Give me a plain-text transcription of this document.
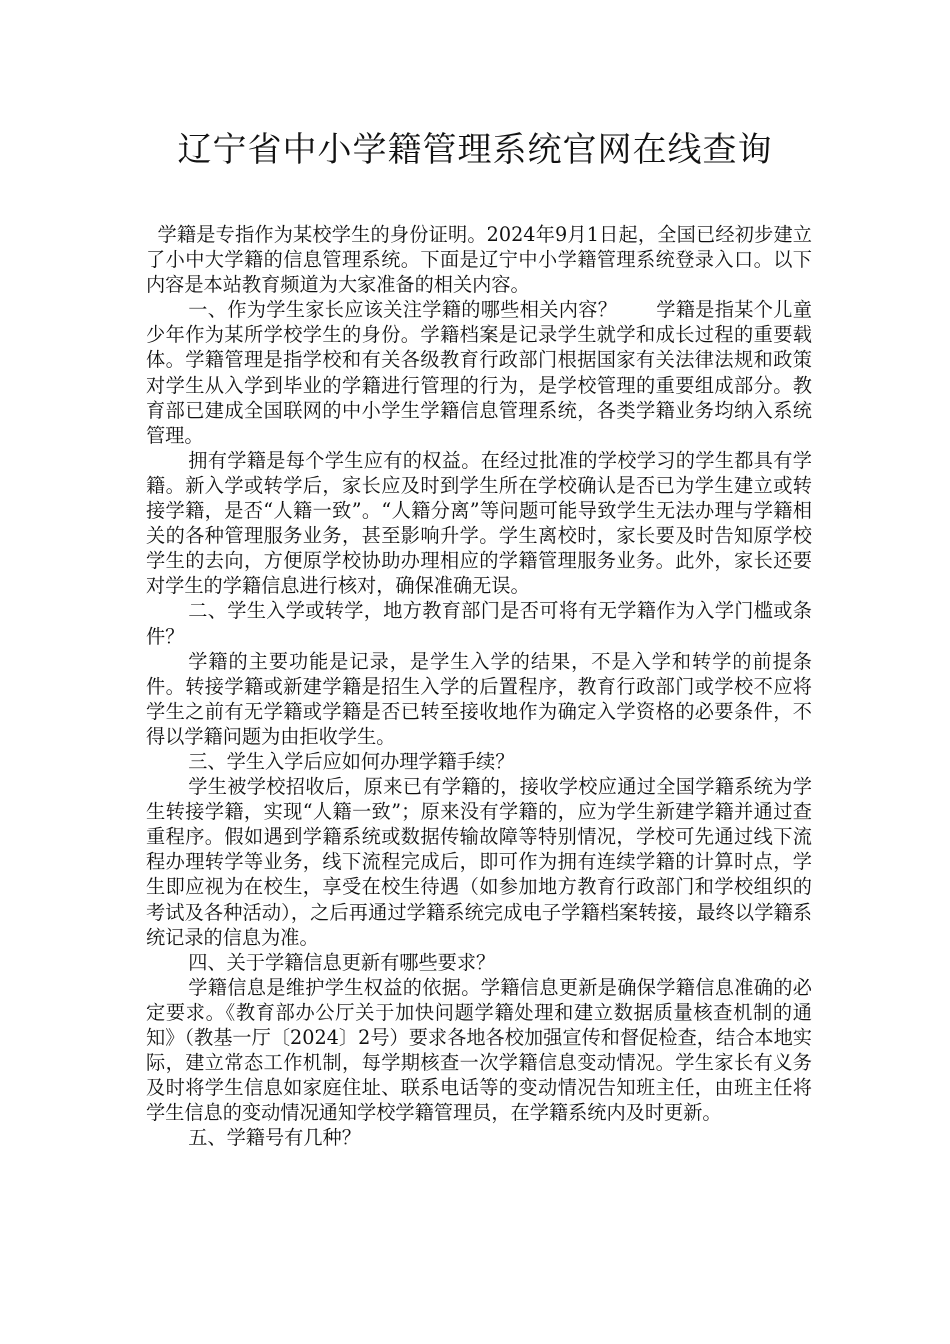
辽宁省中小学籍管理系统官网在线查询

学籍是专指作为某校学生的身份证明。2024年9月1日起，全国已经初步建立了小中大学籍的信息管理系统。下面是辽宁中小学籍管理系统登录入口。以下内容是本站教育频道为大家准备的相关内容。

一、作为学生家长应该关注学籍的哪些相关内容？　　学籍是指某个儿童少年作为某所学校学生的身份。学籍档案是记录学生就学和成长过程的重要载体。学籍管理是指学校和有关各级教育行政部门根据国家有关法律法规和政策对学生从入学到毕业的学籍进行管理的行为，是学校管理的重要组成部分。教育部已建成全国联网的中小学生学籍信息管理系统，各类学籍业务均纳入系统管理。

拥有学籍是每个学生应有的权益。在经过批准的学校学习的学生都具有学籍。新入学或转学后，家长应及时到学生所在学校确认是否已为学生建立或转接学籍，是否“人籍一致”。“人籍分离”等问题可能导致学生无法办理与学籍相关的各种管理服务业务，甚至影响升学。学生离校时，家长要及时告知原学校学生的去向，方便原学校协助办理相应的学籍管理服务业务。此外，家长还要对学生的学籍信息进行核对，确保准确无误。

二、学生入学或转学，地方教育部门是否可将有无学籍作为入学门槛或条件？

学籍的主要功能是记录，是学生入学的结果，不是入学和转学的前提条件。转接学籍或新建学籍是招生入学的后置程序，教育行政部门或学校不应将学生之前有无学籍或学籍是否已转至接收地作为确定入学资格的必要条件，不得以学籍问题为由拒收学生。

三、学生入学后应如何办理学籍手续？

学生被学校招收后，原来已有学籍的，接收学校应通过全国学籍系统为学生转接学籍，实现“人籍一致”；原来没有学籍的，应为学生新建学籍并通过查重程序。假如遇到学籍系统或数据传输故障等特别情况，学校可先通过线下流程办理转学等业务，线下流程完成后，即可作为拥有连续学籍的计算时点，学生即应视为在校生，享受在校生待遇（如参加地方教育行政部门和学校组织的考试及各种活动），之后再通过学籍系统完成电子学籍档案转接，最终以学籍系统记录的信息为准。

四、关于学籍信息更新有哪些要求？

学籍信息是维护学生权益的依据。学籍信息更新是确保学籍信息准确的必定要求。《教育部办公厅关于加快问题学籍处理和建立数据质量核查机制的通知》（教基一厅〔2024〕2号）要求各地各校加强宣传和督促检查，结合本地实际，建立常态工作机制，每学期核查一次学籍信息变动情况。学生家长有义务及时将学生信息如家庭住址、联系电话等的变动情况告知班主任，由班主任将学生信息的变动情况通知学校学籍管理员，在学籍系统内及时更新。

五、学籍号有几种？
